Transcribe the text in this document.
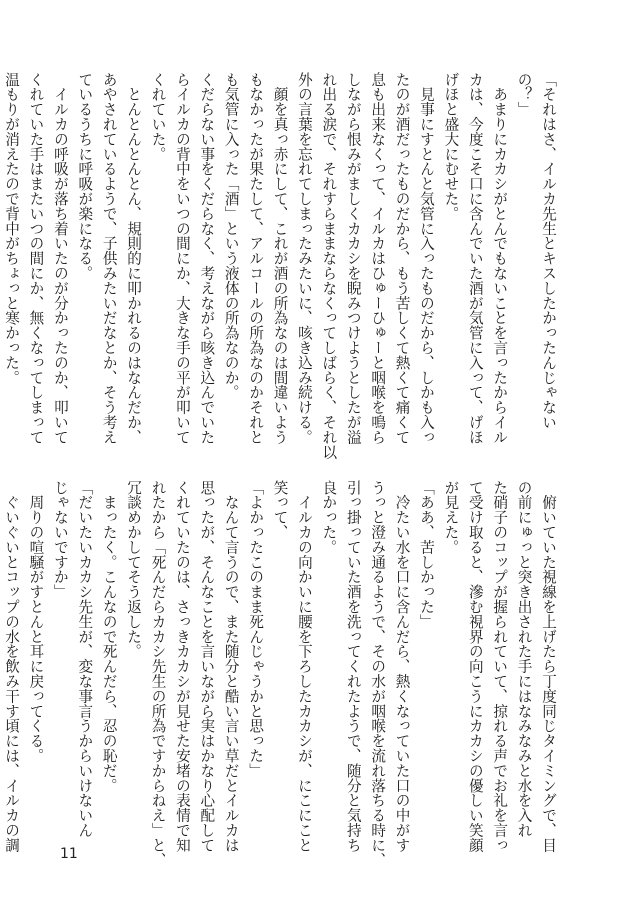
「それはさ、イルカ先生とキスしたかったんじゃない
の？」
　あまりにカカシがとんでもないことを言ったからイル
カは、今度こそ口に含んでいた酒が気管に入って、げほ
げほと盛大にむせた。
　見事にすとんと気管に入ったものだから、しかも入っ
たのが酒だったものだから、もう苦しくて熱くて痛くて
息も出来なくって、イルカはひゅーひゅーと咽喉を鳴ら
しながら恨みがましくカカシを睨みつけようとしたが溢
れ出る涙で、それすらままならなくってしばらく、それ以
外の言葉を忘れてしまったみたいに、咳き込み続ける。
　顔を真っ赤にして、これが酒の所為なのは間違いよう
もなかったが果たして、アルコールの所為なのかそれと
も気管に入った「酒」という液体の所為なのか。
くだらない事をくだらなく、考えながら咳き込んでいた
らイルカの背中をいつの間にか、大きな手の平が叩いて
くれていた。
　とんとんとんとん、規則的に叩かれるのはなんだか、
あやされているようで、子供みたいだなとか、そう考え
ているうちに呼吸が楽になる。
　イルカの呼吸が落ち着いたのが分かったのか、叩いて
くれていた手はまたいつの間にか、無くなってしまって
温もりが消えたので背中がちょっと寒かった。
　俯いていた視線を上げたら丁度同じタイミングで、目
の前にゅっと突き出された手にはなみなみと水を入れ
た硝子のコップが握られていて、掠れる声でお礼を言っ
て受け取ると、滲む視界の向こうにカカシの優しい笑顔
が見えた。
「ああ、苦しかった」
　冷たい水を口に含んだら、熱くなっていた口の中がす
うっと澄み通るようで、その水が咽喉を流れ落ちる時に、
引っ掛っていた酒を洗ってくれたようで、随分と気持ち
良かった。
　イルカの向かいに腰を下ろしたカカシが、にこにこと
笑って、
「よかったこのまま死んじゃうかと思った」
　なんて言うので、また随分と酷い言い草だとイルカは
思ったが、そんなことを言いながら実はかなり心配して
くれていたのは、さっきカカシが見せた安堵の表情で知
れたから「死んだらカカシ先生の所為ですからねえ」と、
冗談めかしてそう返した。
　まったく。こんなので死んだら、忍の恥だ。
「だいたいカカシ先生が、変な事言うからいけないん
じゃないですか」
　周りの喧騒がすとんと耳に戻ってくる。
　ぐいぐいとコップの水を飲み干す頃には、イルカの調
11
